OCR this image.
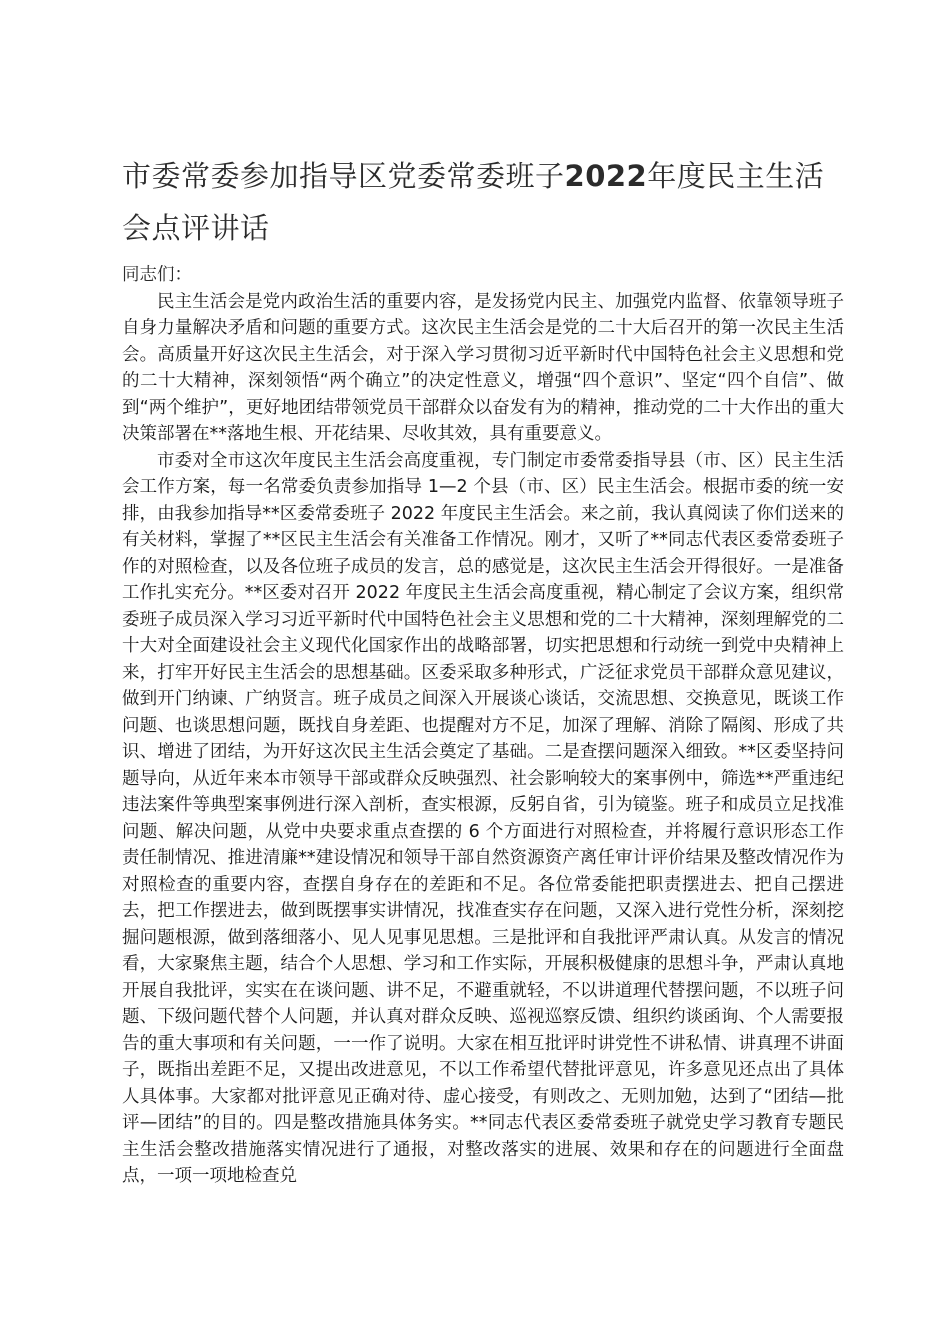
市委常委参加指导区党委常委班子2022年度民主生活会点评讲话

同志们：

民主生活会是党内政治生活的重要内容，是发扬党内民主、加强党内监督、依靠领导班子自身力量解决矛盾和问题的重要方式。这次民主生活会是党的二十大后召开的第一次民主生活会。高质量开好这次民主生活会，对于深入学习贯彻习近平新时代中国特色社会主义思想和党的二十大精神，深刻领悟“两个确立”的决定性意义，增强“四个意识”、坚定“四个自信”、做到“两个维护”，更好地团结带领党员干部群众以奋发有为的精神，推动党的二十大作出的重大决策部署在**落地生根、开花结果、尽收其效，具有重要意义。

市委对全市这次年度民主生活会高度重视，专门制定市委常委指导县（市、区）民主生活会工作方案，每一名常委负责参加指导 1—2 个县（市、区）民主生活会。根据市委的统一安排，由我参加指导**区委常委班子 2022 年度民主生活会。来之前，我认真阅读了你们送来的有关材料，掌握了**区民主生活会有关准备工作情况。刚才，又听了**同志代表区委常委班子作的对照检查，以及各位班子成员的发言，总的感觉是，这次民主生活会开得很好。一是准备工作扎实充分。**区委对召开 2022 年度民主生活会高度重视，精心制定了会议方案，组织常委班子成员深入学习习近平新时代中国特色社会主义思想和党的二十大精神，深刻理解党的二十大对全面建设社会主义现代化国家作出的战略部署，切实把思想和行动统一到党中央精神上来，打牢开好民主生活会的思想基础。区委采取多种形式，广泛征求党员干部群众意见建议，做到开门纳谏、广纳贤言。班子成员之间深入开展谈心谈话，交流思想、交换意见，既谈工作问题、也谈思想问题，既找自身差距、也提醒对方不足，加深了理解、消除了隔阂、形成了共识、增进了团结，为开好这次民主生活会奠定了基础。二是查摆问题深入细致。**区委坚持问题导向，从近年来本市领导干部或群众反映强烈、社会影响较大的案事例中，筛选**严重违纪违法案件等典型案事例进行深入剖析，查实根源，反躬自省，引为镜鉴。班子和成员立足找准问题、解决问题，从党中央要求重点查摆的 6 个方面进行对照检查，并将履行意识形态工作责任制情况、推进清廉**建设情况和领导干部自然资源资产离任审计评价结果及整改情况作为对照检查的重要内容，查摆自身存在的差距和不足。各位常委能把职责摆进去、把自己摆进去，把工作摆进去，做到既摆事实讲情况，找准查实存在问题，又深入进行党性分析，深刻挖掘问题根源，做到落细落小、见人见事见思想。三是批评和自我批评严肃认真。从发言的情况看，大家聚焦主题，结合个人思想、学习和工作实际，开展积极健康的思想斗争，严肃认真地开展自我批评，实实在在谈问题、讲不足，不避重就轻，不以讲道理代替摆问题，不以班子问题、下级问题代替个人问题，并认真对群众反映、巡视巡察反馈、组织约谈函询、个人需要报告的重大事项和有关问题，一一作了说明。大家在相互批评时讲党性不讲私情、讲真理不讲面子，既指出差距不足，又提出改进意见，不以工作希望代替批评意见，许多意见还点出了具体人具体事。大家都对批评意见正确对待、虚心接受，有则改之、无则加勉，达到了“团结—批评—团结”的目的。四是整改措施具体务实。**同志代表区委常委班子就党史学习教育专题民主生活会整改措施落实情况进行了通报，对整改落实的进展、效果和存在的问题进行全面盘点，一项一项地检查兑
